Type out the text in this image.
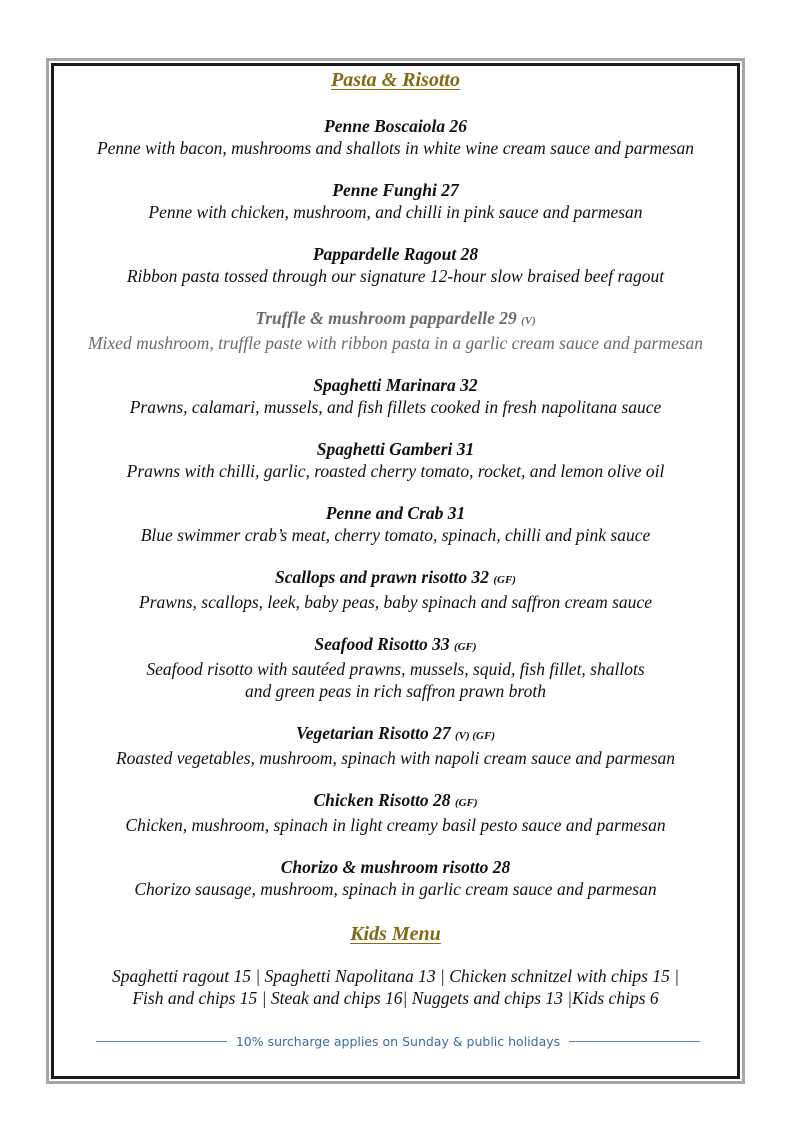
Pasta & Risotto
Penne Boscaiola 26
Penne with bacon, mushrooms and shallots in white wine cream sauce and parmesan
Penne Funghi 27
Penne with chicken, mushroom, and chilli in pink sauce and parmesan
Pappardelle Ragout 28
Ribbon pasta tossed through our signature 12-hour slow braised beef ragout
Truffle & mushroom pappardelle 29 (V)
Mixed mushroom, truffle paste with ribbon pasta in a garlic cream sauce and parmesan
Spaghetti Marinara 32
Prawns, calamari, mussels, and fish fillets cooked in fresh napolitana sauce
Spaghetti Gamberi 31
Prawns with chilli, garlic, roasted cherry tomato, rocket, and lemon olive oil
Penne and Crab 31
Blue swimmer crab’s meat, cherry tomato, spinach, chilli and pink sauce
Scallops and prawn risotto 32 (GF)
Prawns, scallops, leek, baby peas, baby spinach and saffron cream sauce
Seafood Risotto 33 (GF)
Seafood risotto with sautéed prawns, mussels, squid, fish fillet, shallots
and green peas in rich saffron prawn broth
Vegetarian Risotto 27 (V) (GF)
Roasted vegetables, mushroom, spinach with napoli cream sauce and parmesan
Chicken Risotto 28 (GF)
Chicken, mushroom, spinach in light creamy basil pesto sauce and parmesan
Chorizo & mushroom risotto 28
Chorizo sausage, mushroom, spinach in garlic cream sauce and parmesan
Kids Menu
Spaghetti ragout 15 | Spaghetti Napolitana 13 | Chicken schnitzel with chips 15 |
Fish and chips 15 | Steak and chips 16| Nuggets and chips 13 |Kids chips 6
10% surcharge applies on Sunday & public holidays
